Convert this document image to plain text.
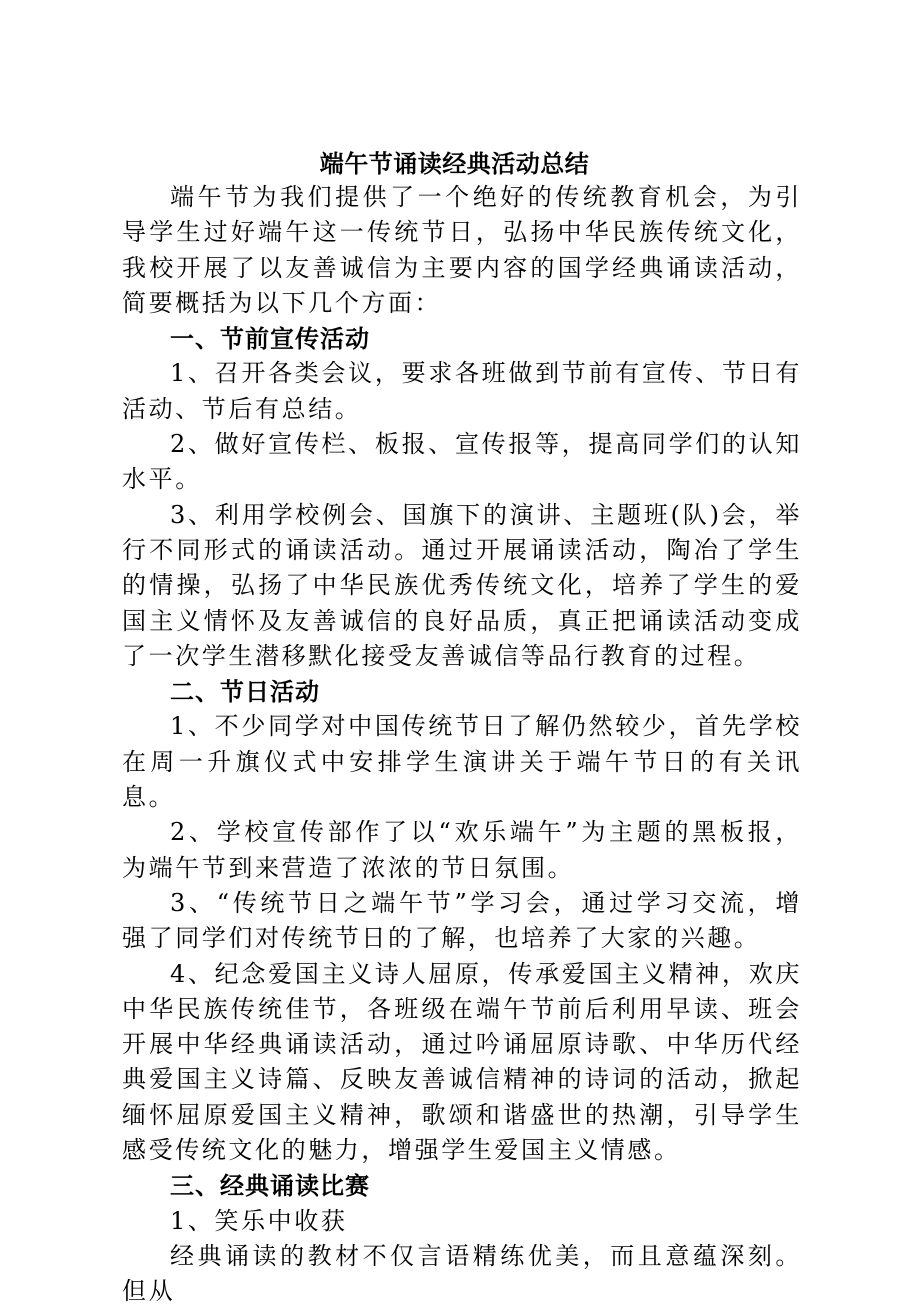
端午节诵读经典活动总结

端午节为我们提供了一个绝好的传统教育机会，为引导学生过好端午这一传统节日，弘扬中华民族传统文化，我校开展了以友善诚信为主要内容的国学经典诵读活动，简要概括为以下几个方面：

一、节前宣传活动

1、召开各类会议，要求各班做到节前有宣传、节日有活动、节后有总结。

2、做好宣传栏、板报、宣传报等，提高同学们的认知水平。

3、利用学校例会、国旗下的演讲、主题班(队)会，举行不同形式的诵读活动。通过开展诵读活动，陶冶了学生的情操，弘扬了中华民族优秀传统文化，培养了学生的爱国主义情怀及友善诚信的良好品质，真正把诵读活动变成了一次学生潜移默化接受友善诚信等品行教育的过程。

二、节日活动

1、不少同学对中国传统节日了解仍然较少，首先学校在周一升旗仪式中安排学生演讲关于端午节日的有关讯息。

2、学校宣传部作了以“欢乐端午”为主题的黑板报，为端午节到来营造了浓浓的节日氛围。

3、“传统节日之端午节”学习会，通过学习交流，增强了同学们对传统节日的了解，也培养了大家的兴趣。

4、纪念爱国主义诗人屈原，传承爱国主义精神，欢庆中华民族传统佳节，各班级在端午节前后利用早读、班会开展中华经典诵读活动，通过吟诵屈原诗歌、中华历代经典爱国主义诗篇、反映友善诚信精神的诗词的活动，掀起缅怀屈原爱国主义精神，歌颂和谐盛世的热潮，引导学生感受传统文化的魅力，增强学生爱国主义情感。

三、经典诵读比赛

1、笑乐中收获

经典诵读的教材不仅言语精练优美，而且意蕴深刻。但从
